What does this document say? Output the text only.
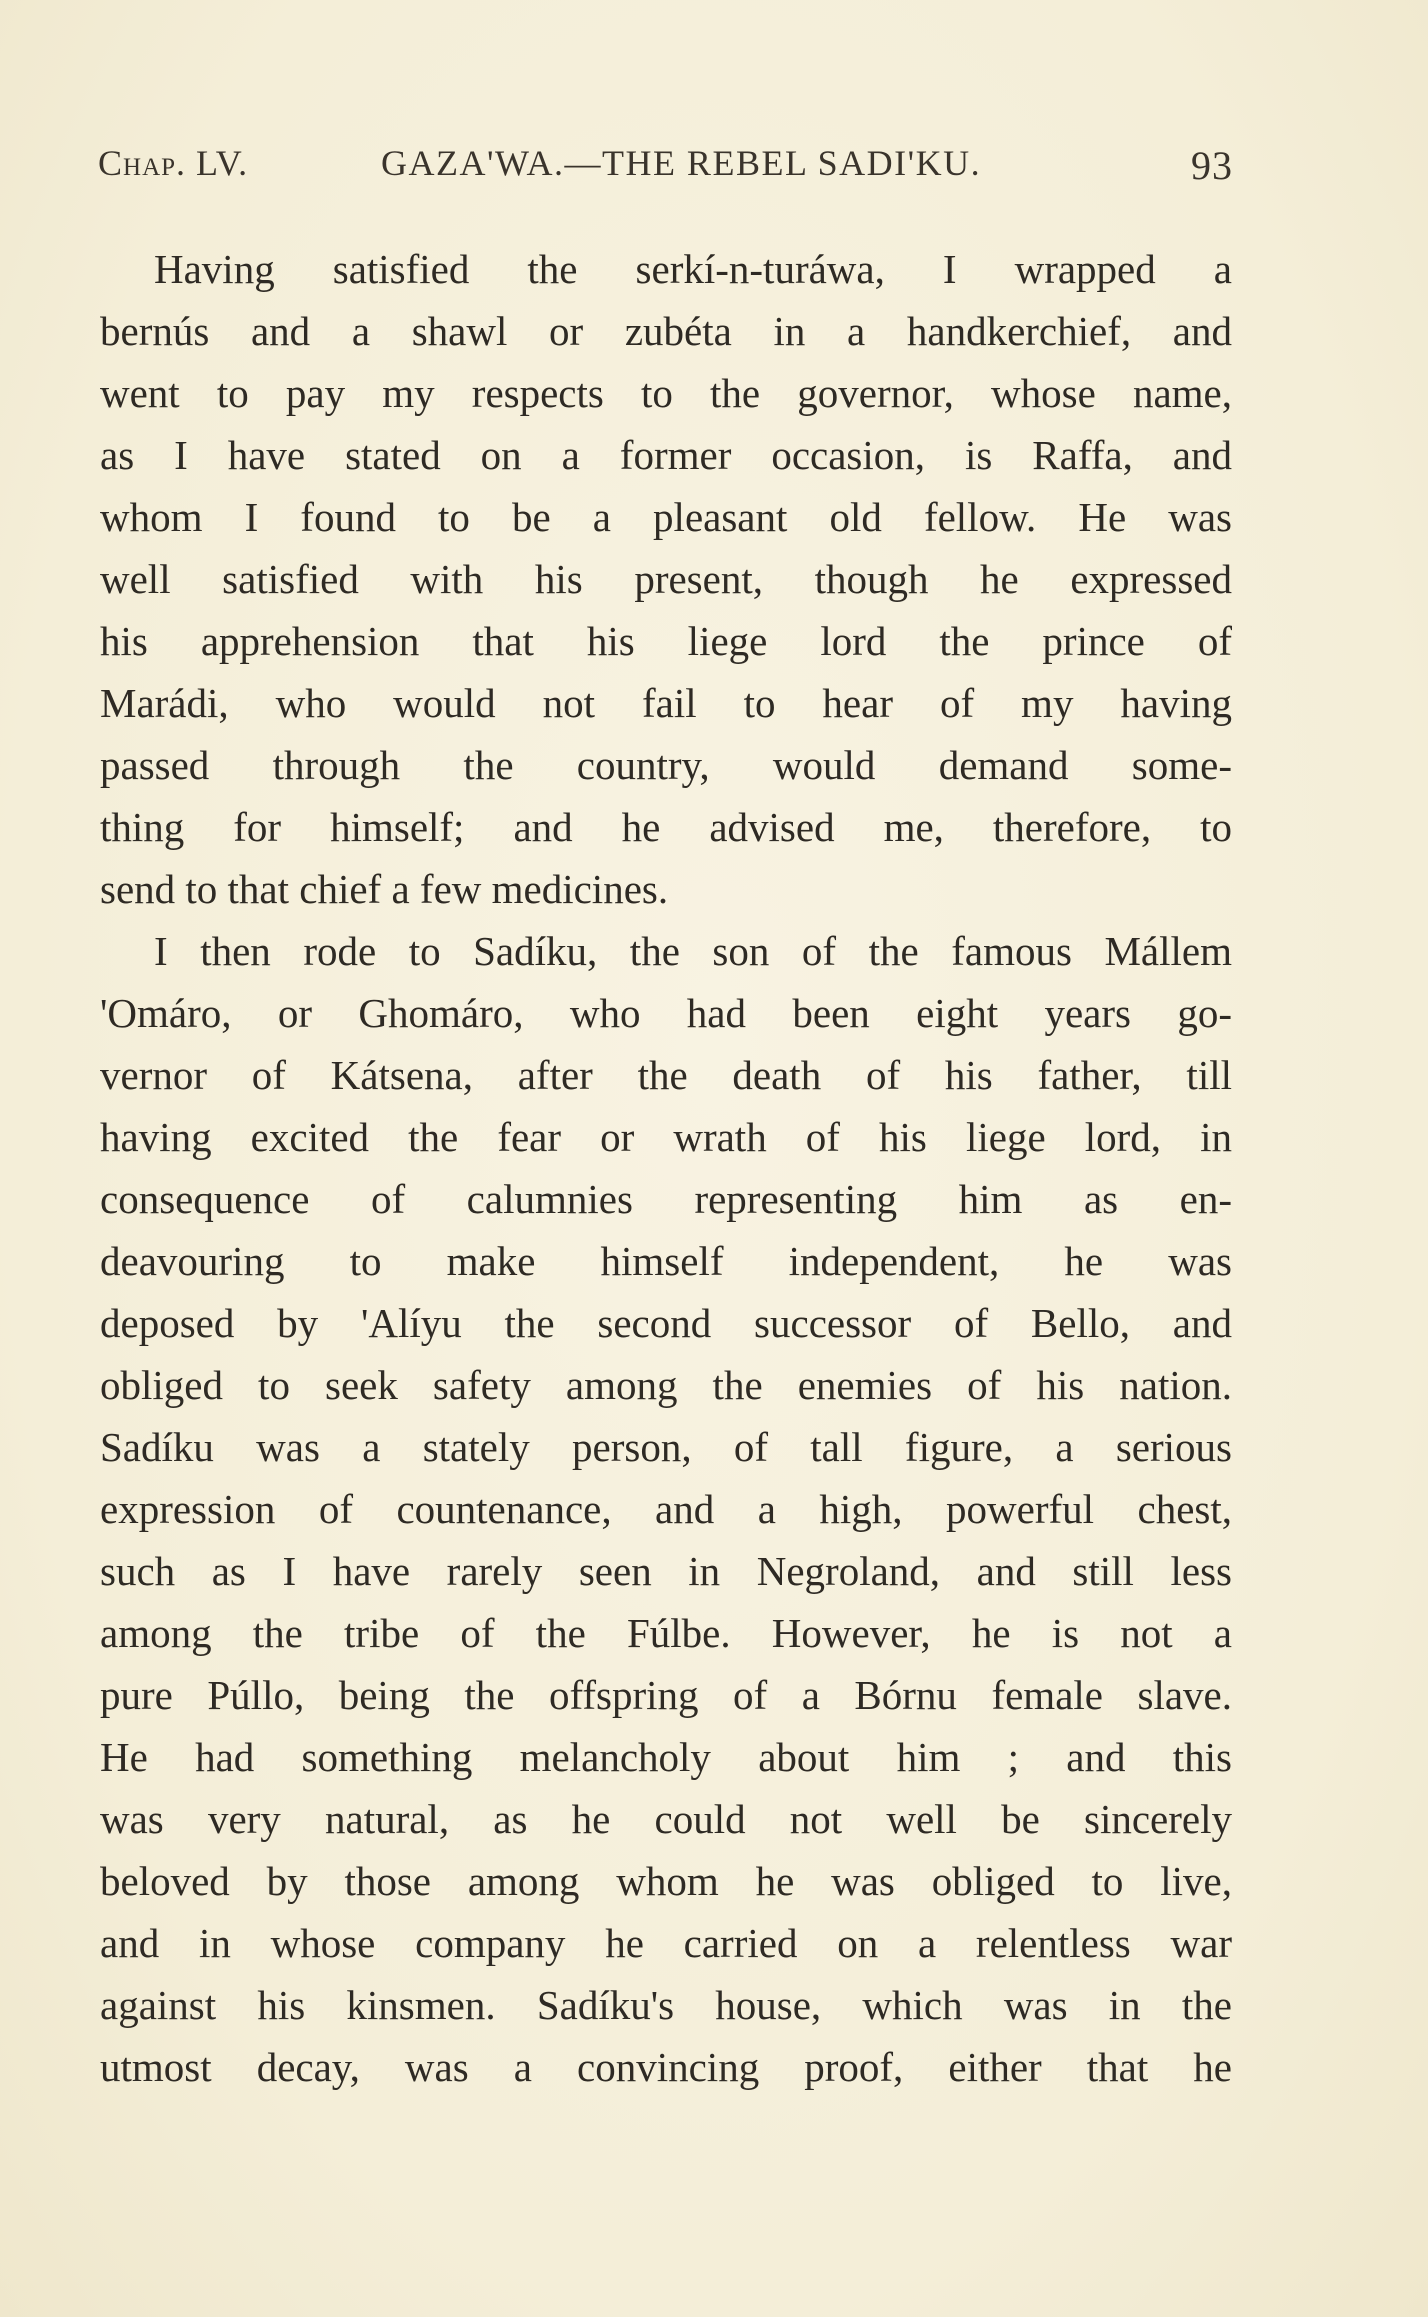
Chap. LV.	GAZA'WA.—THE REBEL SADI'KU.	93
Having satisfied the serkí-n-turáwa, I wrapped a
bernús and a shawl or zubéta in a handkerchief, and
went to pay my respects to the governor, whose name,
as I have stated on a former occasion, is Raffa, and
whom I found to be a pleasant old fellow. He was
well satisfied with his present, though he expressed
his apprehension that his liege lord the prince of
Marádi, who would not fail to hear of my having
passed through the country, would demand some-
thing for himself; and he advised me, therefore, to
send to that chief a few medicines.
I then rode to Sadíku, the son of the famous Mállem
'Omáro, or Ghomáro, who had been eight years go-
vernor of Kátsena, after the death of his father, till
having excited the fear or wrath of his liege lord, in
consequence of calumnies representing him as en-
deavouring to make himself independent, he was
deposed by 'Alíyu the second successor of Bello, and
obliged to seek safety among the enemies of his nation.
Sadíku was a stately person, of tall figure, a serious
expression of countenance, and a high, powerful chest,
such as I have rarely seen in Negroland, and still less
among the tribe of the Fúlbe. However, he is not a
pure Púllo, being the offspring of a Bórnu female slave.
He had something melancholy about him ; and this
was very natural, as he could not well be sincerely
beloved by those among whom he was obliged to live,
and in whose company he carried on a relentless war
against his kinsmen. Sadíku's house, which was in the
utmost decay, was a convincing proof, either that he
